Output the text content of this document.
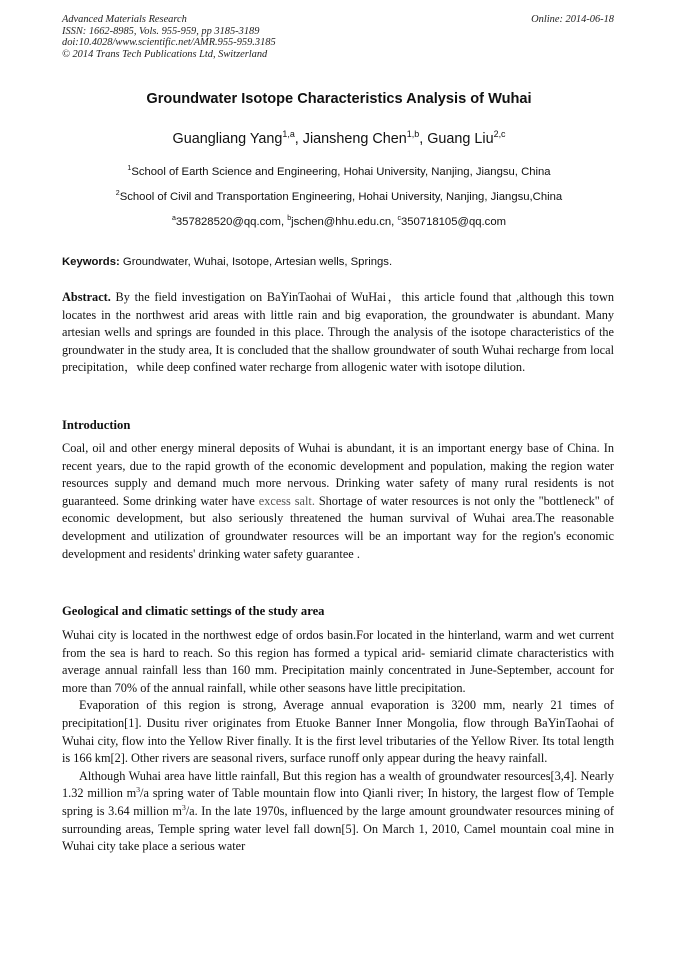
Advanced Materials Research
ISSN: 1662-8985, Vols. 955-959, pp 3185-3189
doi:10.4028/www.scientific.net/AMR.955-959.3185
© 2014 Trans Tech Publications Ltd, Switzerland
Online: 2014-06-18
Groundwater Isotope Characteristics Analysis of Wuhai
Guangliang Yang$^{1,a}$, Jiansheng Chen$^{1,b}$, Guang Liu$^{2,c}$
$^1$School of Earth Science and Engineering, Hohai University, Nanjing, Jiangsu, China
$^2$School of Civil and Transportation Engineering, Hohai University, Nanjing, Jiangsu,China
$^a$357828520@qq.com, $^b$jschen@hhu.edu.cn, $^c$350718105@qq.com
Keywords: Groundwater, Wuhai, Isotope, Artesian wells, Springs.

Abstract. By the field investigation on BaYinTaohai of WuHai，this article found that ,although this town locates in the northwest arid areas with little rain and big evaporation, the groundwater is abundant. Many artesian wells and springs are founded in this place. Through the analysis of the isotope characteristics of the groundwater in the study area, It is concluded that the shallow groundwater of south Wuhai recharge from local precipitation，while deep confined water recharge from allogenic water with isotope dilution.

Introduction

Coal, oil and other energy mineral deposits of Wuhai is abundant, it is an important energy base of China. In recent years, due to the rapid growth of the economic development and population, making the region water resources supply and demand much more nervous. Drinking water safety of many rural residents is not guaranteed. Some drinking water have excess salt. Shortage of water resources is not only the "bottleneck" of economic development, but also seriously threatened the human survival of Wuhai area.The reasonable development and utilization of groundwater resources will be an important way for the region's economic development and residents' drinking water safety guarantee .

Geological and climatic settings of the study area

Wuhai city is located in the northwest edge of ordos basin.For located in the hinterland, warm and wet current from the sea is hard to reach. So this region has formed a typical arid- semiarid climate characteristics with average annual rainfall less than 160 mm. Precipitation mainly concentrated in June-September, account for more than 70% of the annual rainfall, while other seasons have little precipitation.

Evaporation of this region is strong, Average annual evaporation is 3200 mm, nearly 21 times of precipitation[1]. Dusitu river originates from Etuoke Banner Inner Mongolia, flow through BaYinTaohai of Wuhai city, flow into the Yellow River finally. It is the first level tributaries of the Yellow River. Its total length is 166 km[2]. Other rivers are seasonal rivers, surface runoff only appear during the heavy rainfall.

Although Wuhai area have little rainfall, But this region has a wealth of groundwater resources[3,4]. Nearly 1.32 million $m^3/a$ spring water of Table mountain flow into Qianli river; In history, the largest flow of Temple spring is 3.64 million $m^3/a$. In the late 1970s, influenced by the large amount groundwater resources mining of surrounding areas, Temple spring water level fall down[5]. On March 1, 2010, Camel mountain coal mine in Wuhai city take place a serious water
